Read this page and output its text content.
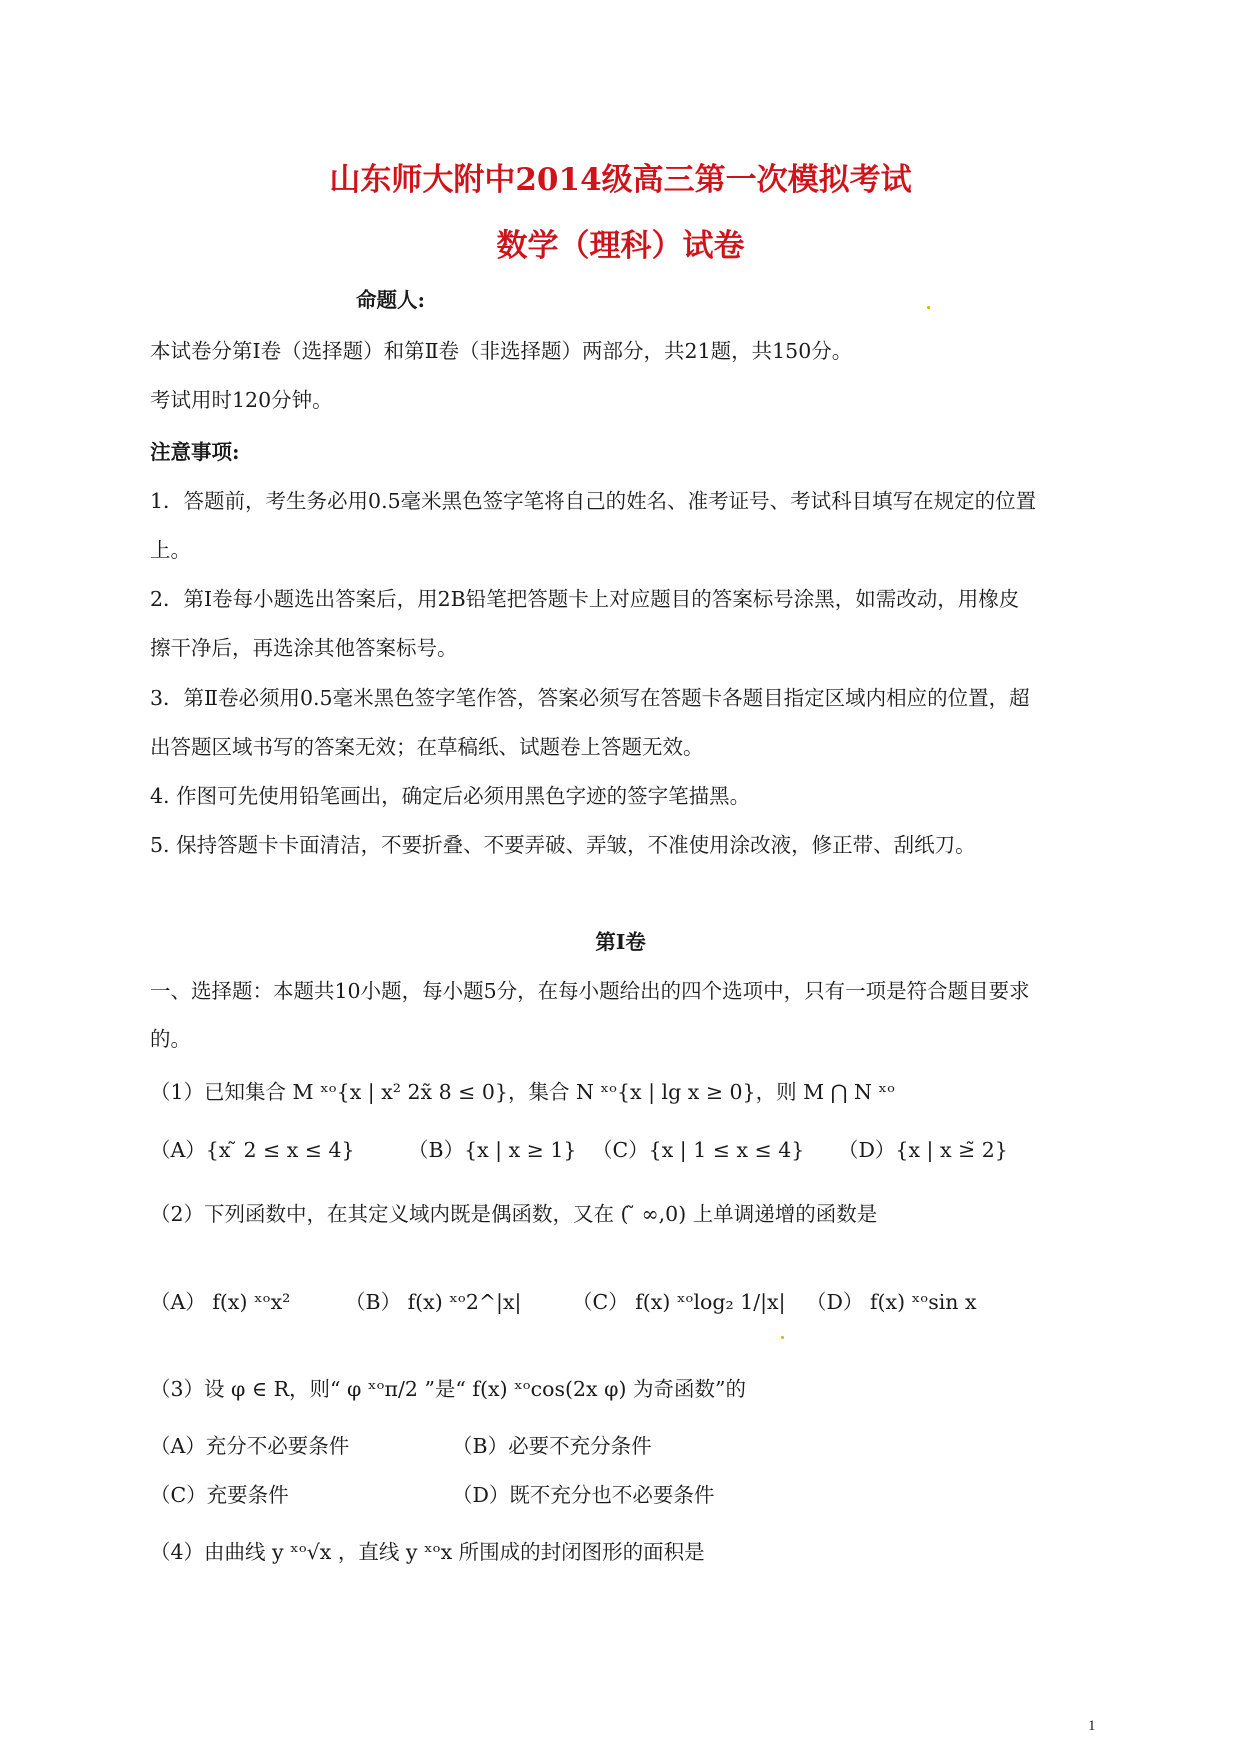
山东师大附中2014级高三第一次模拟考试
数学（理科）试卷
命题人:
本试卷分第Ⅰ卷（选择题）和第Ⅱ卷（非选择题）两部分，共21题，共150分。
考试用时120分钟。
注意事项:
1．答题前，考生务必用0.5毫米黑色签字笔将自己的姓名、准考证号、考试科目填写在规定的位置
上。
2．第Ⅰ卷每小题选出答案后，用2B铅笔把答题卡上对应题目的答案标号涂黑，如需改动，用橡皮
擦干净后，再选涂其他答案标号。
3．第Ⅱ卷必须用0.5毫米黑色签字笔作答，答案必须写在答题卡各题目指定区域内相应的位置，超
出答题区域书写的答案无效；在草稿纸、试题卷上答题无效。
4. 作图可先使用铅笔画出，确定后必须用黑色字迹的签字笔描黑。
5. 保持答题卡卡面清洁，不要折叠、不要弄破、弄皱，不准使用涂改液，修正带、刮纸刀。
第Ⅰ卷
一、选择题：本题共10小题，每小题5分，在每小题给出的四个选项中，只有一项是符合题目要求
的。
（1）已知集合 M ˣᵒ{x | x² 2x̃ 8 ≤ 0}，集合 N ˣᵒ{x | lg x ≥ 0}，则 M ⋂ N ˣᵒ
（A）{x ̃ 2 ≤ x ≤ 4}	（B）{x | x ≥ 1} （C）{x | 1 ≤ x ≤ 4} （D）{x | x ≥̃ 2}
（2）下列函数中，在其定义域内既是偶函数，又在 ( ̃ ∞,0) 上单调递增的函数是
（A） f(x) ˣᵒx²	（B） f(x) ˣᵒ2^|x| （C） f(x) ˣᵒlog₂ 1/|x| （D） f(x) ˣᵒsin x
（3）设 φ ∈ R，则“ φ ˣᵒπ/2 ”是“ f(x) ˣᵒcos(2x φ) 为奇函数”的
（A）充分不必要条件	（B）必要不充分条件
（C）充要条件	（D）既不充分也不必要条件
（4）由曲线 y ˣᵒ√x ，直线 y ˣᵒx 所围成的封闭图形的面积是
1
